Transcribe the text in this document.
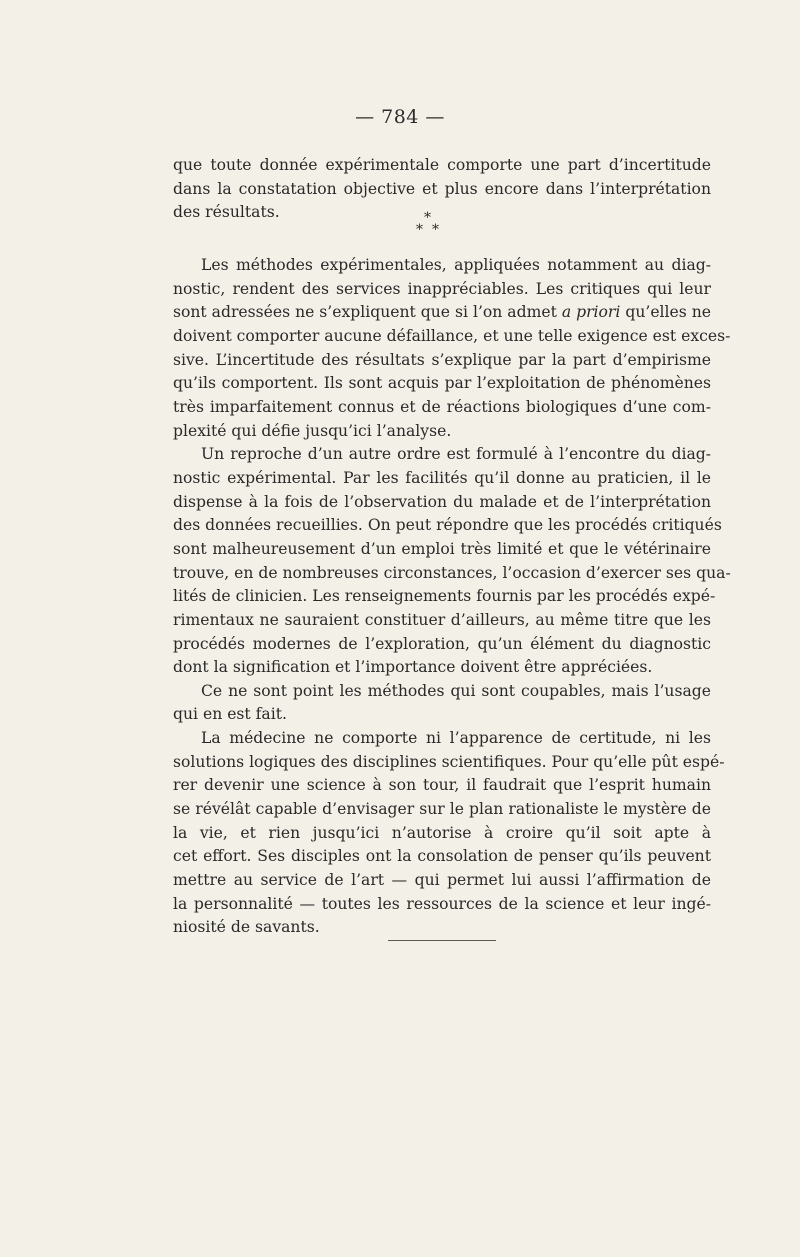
— 784 —

que toute donnée expérimentale comporte une part d’incertitude
dans la constatation objective et plus encore dans l’interprétation
des résultats.	*
* *

Les méthodes expérimentales, appliquées notamment au diag-
nostic, rendent des services inappréciables. Les critiques qui leur
sont adressées ne s’expliquent que si l’on admet a priori qu’elles ne
doivent comporter aucune défaillance, et une telle exigence est exces-
sive. L’incertitude des résultats s’explique par la part d’empirisme
qu’ils comportent. Ils sont acquis par l’exploitation de phénomènes
très imparfaitement connus et de réactions biologiques d’une com-
plexité qui défie jusqu’ici l’analyse.

Un reproche d’un autre ordre est formulé à l’encontre du diag-
nostic expérimental. Par les facilités qu’il donne au praticien, il le
dispense à la fois de l’observation du malade et de l’interprétation
des données recueillies. On peut répondre que les procédés critiqués
sont malheureusement d’un emploi très limité et que le vétérinaire
trouve, en de nombreuses circonstances, l’occasion d’exercer ses qua-
lités de clinicien. Les renseignements fournis par les procédés expé-
rimentaux ne sauraient constituer d’ailleurs, au même titre que les
procédés modernes de l’exploration, qu’un élément du diagnostic
dont la signification et l’importance doivent être appréciées.

Ce ne sont point les méthodes qui sont coupables, mais l’usage
qui en est fait.

La médecine ne comporte ni l’apparence de certitude, ni les
solutions logiques des disciplines scientifiques. Pour qu’elle pût espé-
rer devenir une science à son tour, il faudrait que l’esprit humain
se révélât capable d’envisager sur le plan rationaliste le mystère de
la vie, et rien jusqu’ici n’autorise à croire qu’il soit apte à
cet effort. Ses disciples ont la consolation de penser qu’ils peuvent
mettre au service de l’art — qui permet lui aussi l’affirmation de
la personnalité — toutes les ressources de la science et leur ingé-
niosité de savants.
